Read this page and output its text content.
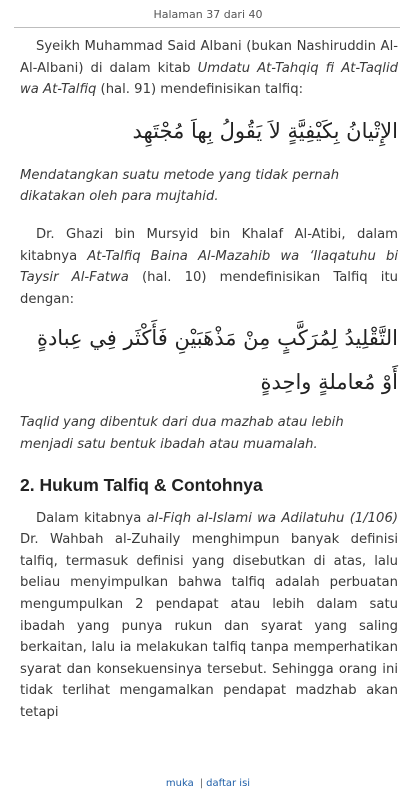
Halaman 37 dari 40

Syeikh Muhammad Said Albani (bukan Nashiruddin Al-Al-Albani) di dalam kitab Umdatu At-Tahqiq fi At-Taqlid wa At-Talfiq (hal. 91) mendefinisikan talfiq:

الإِتْيانُ بِكَيْفِيَّةٍ لاَ يَقُولُ بِهاَ مُجْتَهِد

Mendatangkan suatu metode yang tidak pernah dikatakan oleh para mujtahid.

Dr. Ghazi bin Mursyid bin Khalaf Al-Atibi, dalam kitabnya At-Talfiq Baina Al-Mazahib wa ‘Ilaqatuhu bi Taysir Al-Fatwa (hal. 10) mendefinisikan Talfiq itu dengan:

التَّقْلِيدُ لِمُرَكَّبٍ مِنْ مَذْهَبَيْنِ فَأَكْثَر فِي عِبادةٍ أَوْ مُعاملةٍ واحِدةٍ

Taqlid yang dibentuk dari dua mazhab atau lebih menjadi satu bentuk ibadah atau muamalah.

2. Hukum Talfiq & Contohnya

Dalam kitabnya al-Fiqh al-Islami wa Adilatuhu (1/106) Dr. Wahbah al-Zuhaily menghimpun banyak definisi talfiq, termasuk definisi yang disebutkan di atas, lalu beliau menyimpulkan bahwa talfiq adalah perbuatan mengumpulkan 2 pendapat atau lebih dalam satu ibadah yang punya rukun dan syarat yang saling berkaitan, lalu ia melakukan talfiq tanpa memperhatikan syarat dan konsekuensinya tersebut. Sehingga orang ini tidak terlihat mengamalkan pendapat madzhab akan tetapi

muka | daftar isi
